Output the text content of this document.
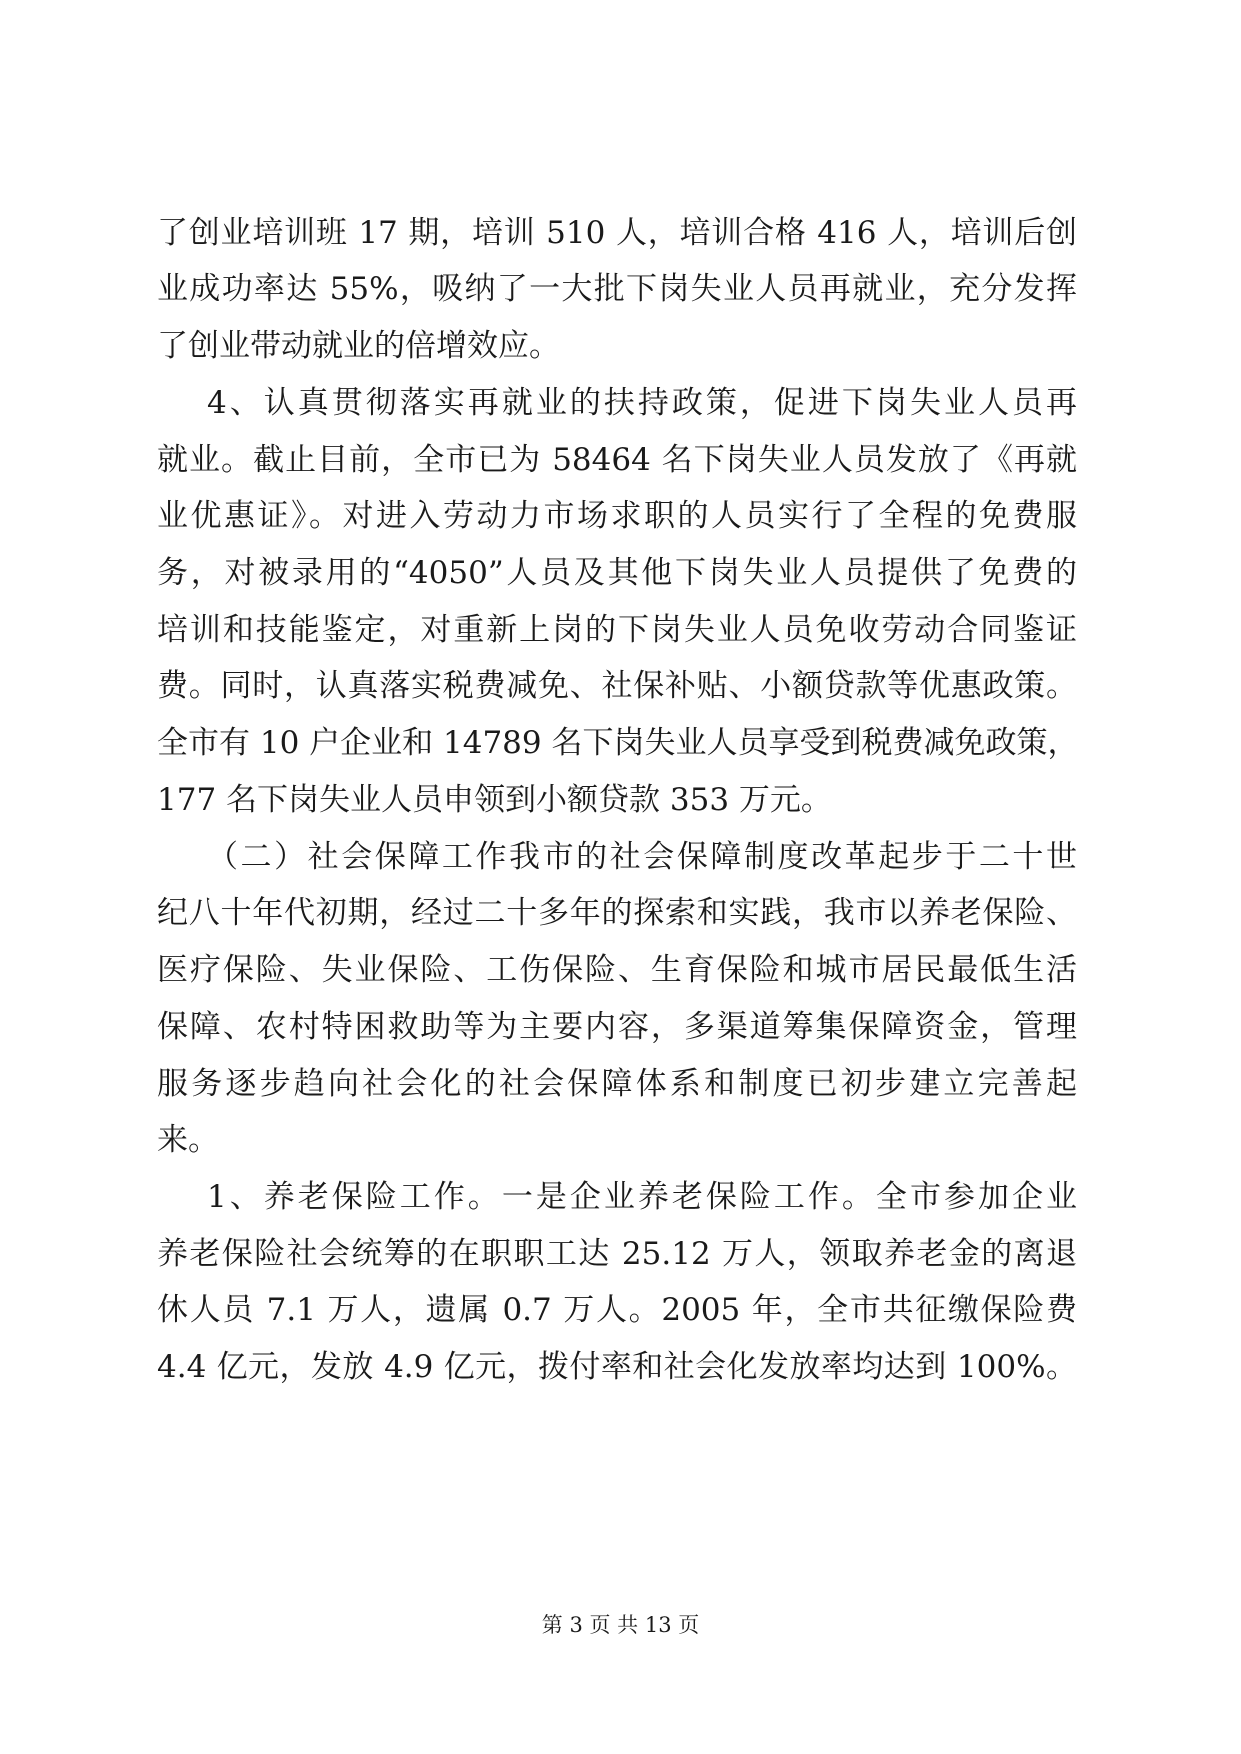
了创业培训班 17 期，培训 510 人，培训合格 416 人，培训后创
业成功率达 55%，吸纳了一大批下岗失业人员再就业，充分发挥
了创业带动就业的倍增效应。
4、认真贯彻落实再就业的扶持政策，促进下岗失业人员再
就业。截止目前，全市已为 58464 名下岗失业人员发放了《再就
业优惠证》。对进入劳动力市场求职的人员实行了全程的免费服
务，对被录用的“4050”人员及其他下岗失业人员提供了免费的
培训和技能鉴定，对重新上岗的下岗失业人员免收劳动合同鉴证
费。同时，认真落实税费减免、社保补贴、小额贷款等优惠政策。
全市有 10 户企业和 14789 名下岗失业人员享受到税费减免政策，
177 名下岗失业人员申领到小额贷款 353 万元。
（二）社会保障工作我市的社会保障制度改革起步于二十世
纪八十年代初期，经过二十多年的探索和实践，我市以养老保险、
医疗保险、失业保险、工伤保险、生育保险和城市居民最低生活
保障、农村特困救助等为主要内容，多渠道筹集保障资金，管理
服务逐步趋向社会化的社会保障体系和制度已初步建立完善起
来。
1、养老保险工作。一是企业养老保险工作。全市参加企业
养老保险社会统筹的在职职工达 25.12 万人，领取养老金的离退
休人员 7.1 万人，遗属 0.7 万人。2005 年，全市共征缴保险费
4.4 亿元，发放 4.9 亿元，拨付率和社会化发放率均达到 100%。
第 3 页 共 13 页
